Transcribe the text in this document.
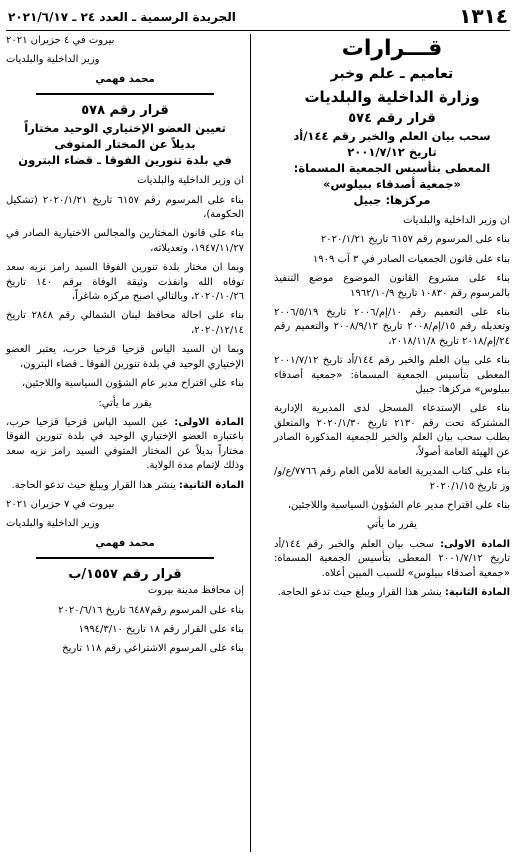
١٣١٤
الجريدة الرسمية ـ العدد ٢٤ ـ ٢٠٢١/٦/١٧

قـــرارات

تعاميم ـ علم وخبر

وزارة الداخلية والبلديات

قرار رقم ٥٧٤

سحب بيان العلم والخبر رقم ١٤٤/أد

تاريخ ٢٠٠١/٧/١٢

المعطى بتأسيس الجمعية المسماة:

«جمعية أصدقاء ببيلوس»

مركزها: جبيل

ان وزير الداخلية والبلديات

بناء على المرسوم رقم ٦١٥٧ تاريخ ٢٠٢٠/١/٢١

بناء على قانون الجمعيات الصادر في ٣ آب ١٩٠٩

بناء على مشروع القانون الموضوع موضع التنفيذ بالمرسوم رقم ١٠٨٣٠ تاريخ ١٩٦٢/١٠/٩

بناء على التعميم رقم ١٠/إم/٢٠٠٦ تاريخ ٢٠٠٦/٥/١٩ وتعديله رقم ١٥/إم/٢٠٠٨ تاريخ ٢٠٠٨/٩/١٢ والتعميم رقم ٢٤/إم/٢٠١٨ تاريخ ٢٠١٨/١١/٨،

بناء على بيان العلم والخبر رقم ١٤٤/أد تاريخ ٢٠٠١/٧/١٢ المعطى بتأسيس الجمعية المسماة: «جمعية أصدقاء ببيلوس» مركزها: جبيل

بناء على الإستدعاء المسجل لدى المديرية الإدارية المشتركة تحت رقم ٢١٣٠ تاريخ ٢٠٢٠/١/٣٠ والمتعلق بطلب سحب بيان العلم والخبر للجمعية المذكورة الصادر عن الهيئة العامة أصولاً،

بناء على كتاب المديرية العامة للأمن العام رقم ٧٧٦٦/ع/و/وز تاريخ ٢٠٢٠/١/١٥

بناء على اقتراح مدير عام الشؤون السياسية واللاجئين،

يقرر ما يأتي

المادة الاولى: سحب بيان العلم والخبر رقم ١٤٤/أد تاريخ ٢٠٠١/٧/١٢ المعطى بتأسيس الجمعية المسماة: «جمعية أصدقاء ببيلوس» للسبب المبين أعلاه.

المادة الثانية: ينشر هذا القرار ويبلغ حيث تدعو الحاجة.

بيروت في ٤ حزيران ٢٠٢١

وزير الداخلية والبلديات

محمد فهمي

قرار رقم ٥٧٨

تعيين العضو الإختياري الوحيد مختاراً

بديلاً عن المختار المتوفى

في بلدة تنورين الفوقا ـ قضاء البترون

ان وزير الداخلية والبلديات

بناء على المرسوم رقم ٦١٥٧ تاريخ ٢٠٢٠/١/٢١ (تشكيل الحكومة)،

بناء على قانون المختارين والمجالس الاختيارية الصادر في ١٩٤٧/١١/٢٧، وتعديلاته،

وبما ان مختار بلدة تنورين الفوقا السيد رامز نزيه سعد توفاه الله وانفذت وثيقة الوفاة برقم ١٤٠ تاريخ ٢٠٢٠/١٠/٢٦، وبالتالي اصبح مركزه شاغراً،

بناء على احالة محافظ لبنان الشمالي رقم ٢٨٤٨ تاريخ ٢٠٢٠/١٢/١٤،

وبما ان السيد الياس قزحيا قزحيا حرب، يعتبر العضو الإختياري الوحيد في بلدة تنورين الفوقا ـ قضاء البترون،

بناء على اقتراح مدير عام الشؤون السياسية واللاجئين،

يقرر ما يأتي:

المادة الاولى: عين السيد الياس قزحيا قزحيا حرب، باعتباره العضو الإختياري الوحيد في بلدة تنورين الفوقا مختاراً بديلاً عن المختار المتوفي السيد رامز نزيه سعد وذلك لإتمام مدة الولاية.

المادة الثانية: ينشر هذا القرار ويبلغ حيث تدعو الحاجة.

بيروت في ٧ حزيران ٢٠٢١

وزير الداخلية والبلديات

محمد فهمي

قرار رقم ١٥٥٧/ب

إن محافظ مدينة بيروت

بناء على المرسوم رقم٦٤٨٧ تاريخ ٢٠٢٠/٦/١٦

بناء على القرار رقم ١٨ تاريخ ١٩٩٤/٣/١٠

بناء على المرسوم الاشتراعي رقم ١١٨ تاريخ
